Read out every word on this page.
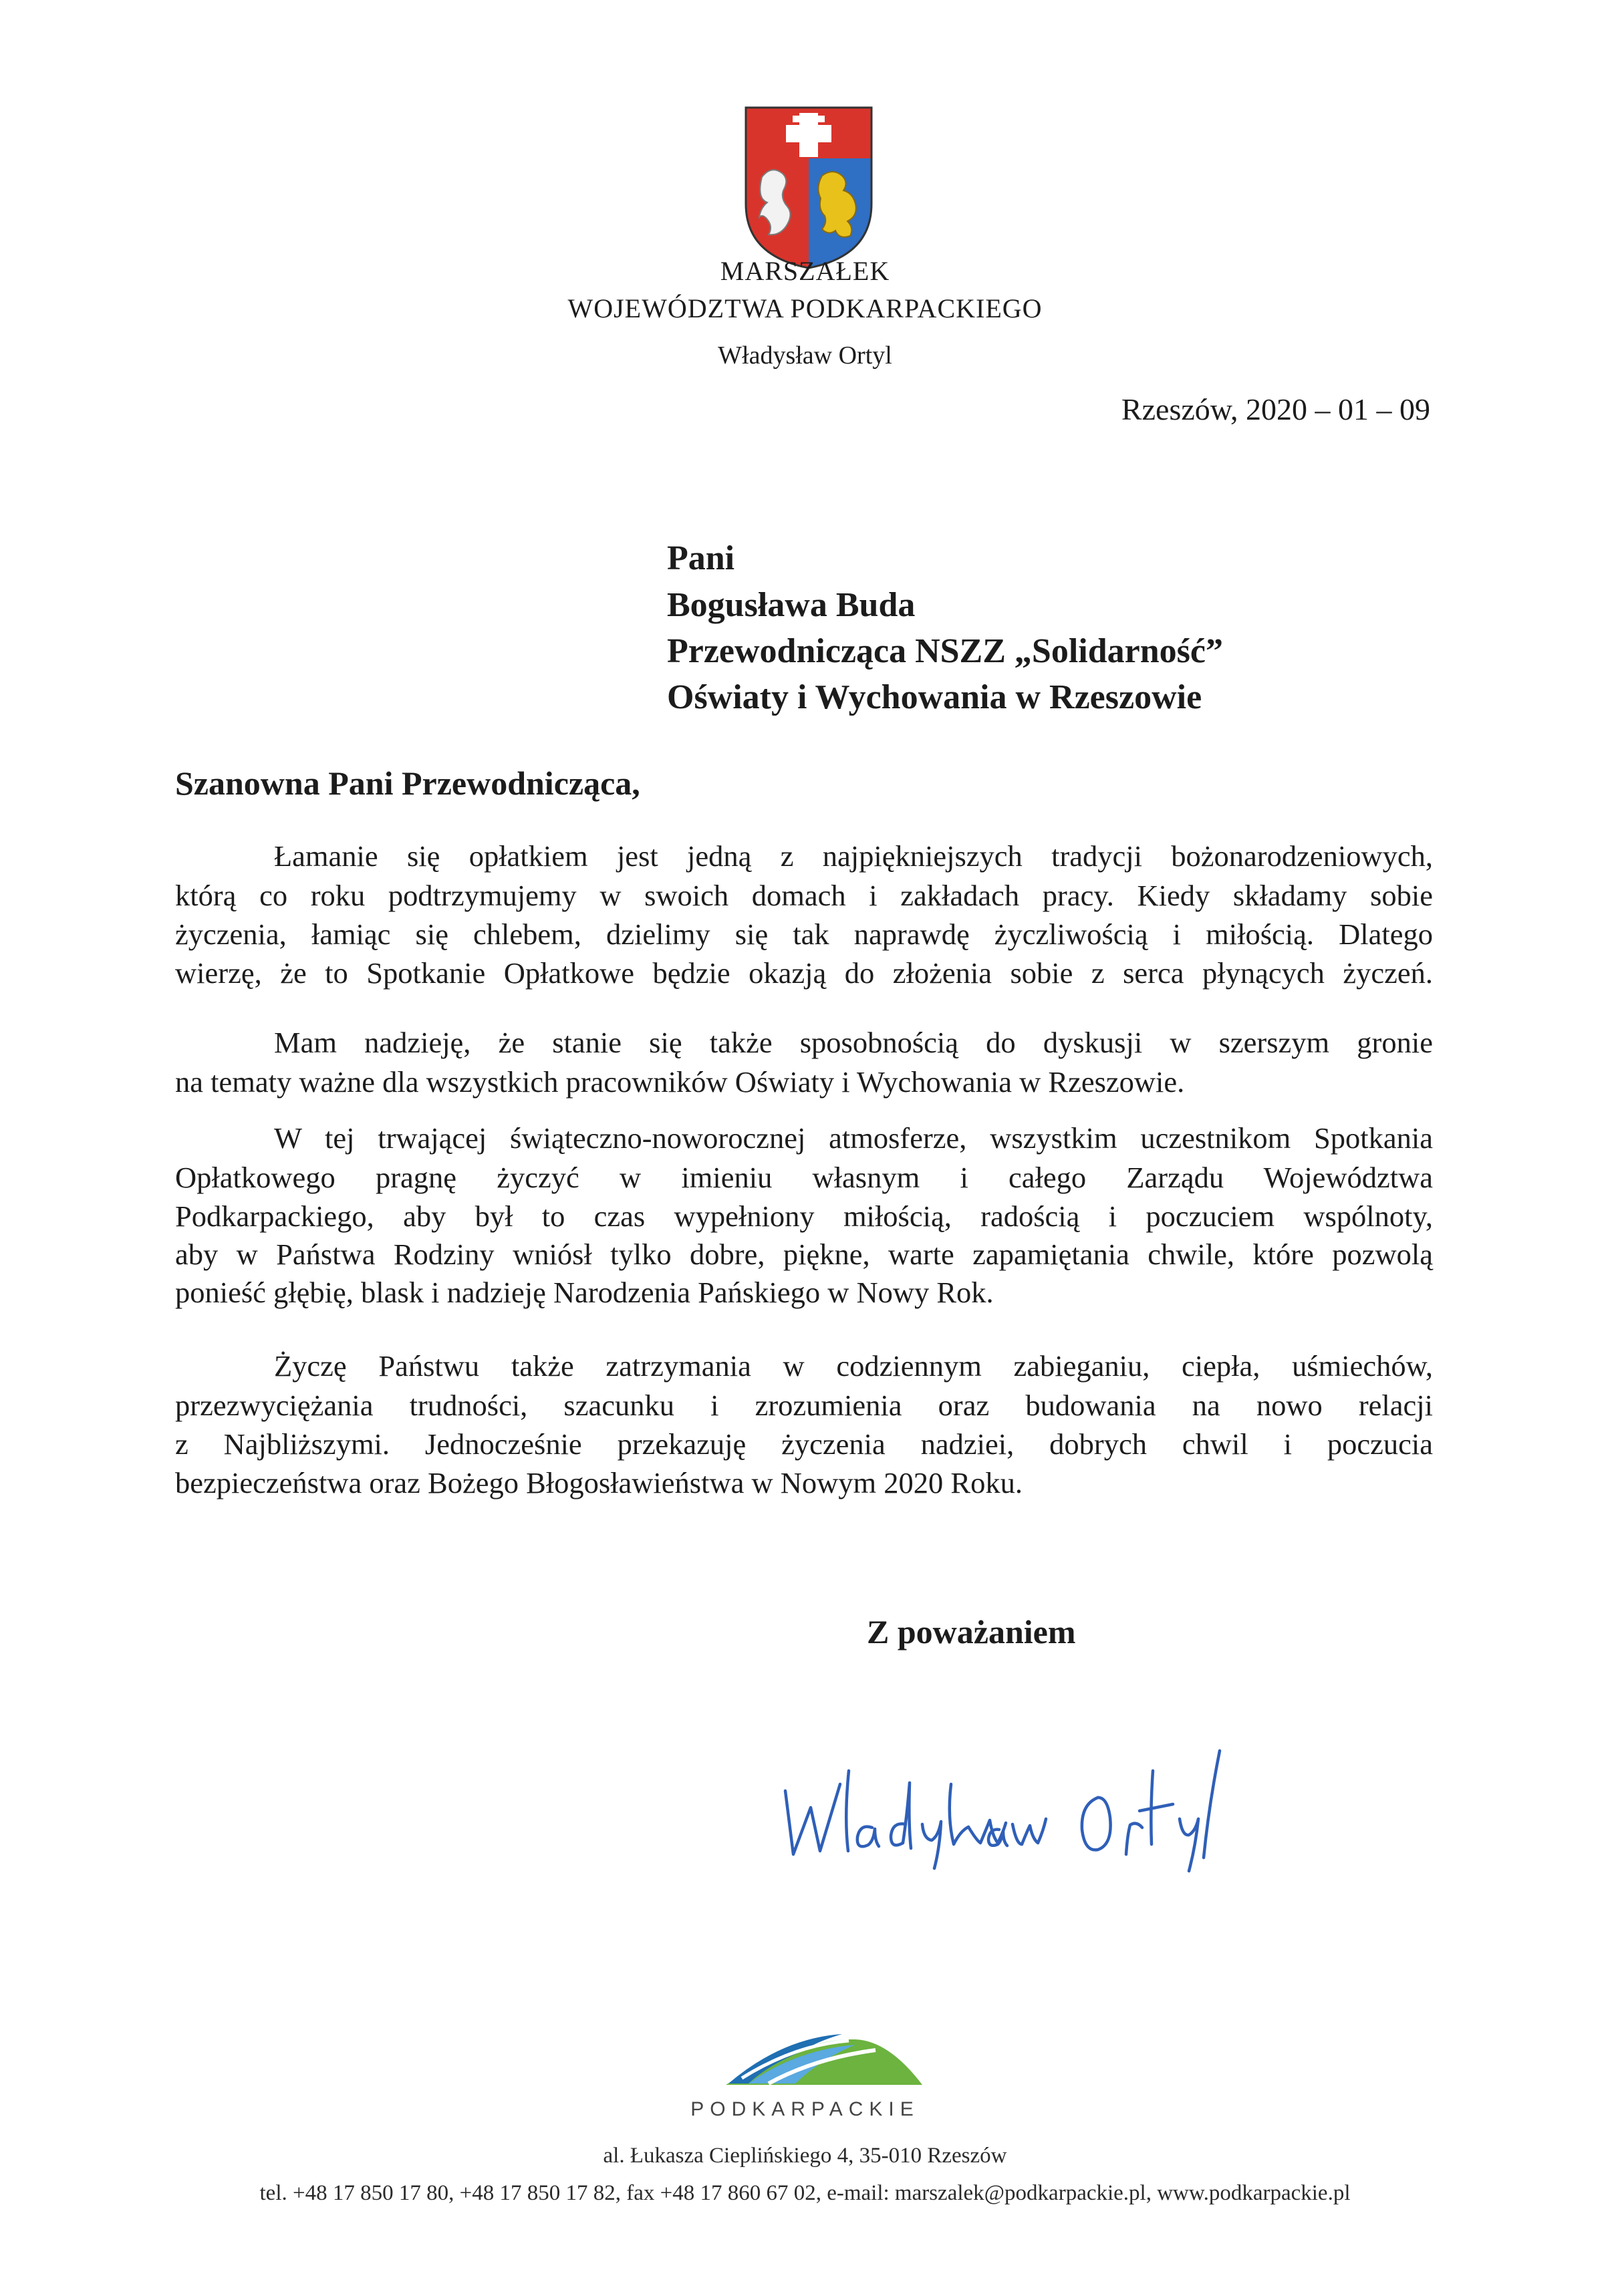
MARSZAŁEK
WOJEWÓDZTWA PODKARPACKIEGO
Władysław Ortyl
Rzeszów, 2020 – 01 – 09
Pani
Bogusława Buda
Przewodnicząca NSZZ „Solidarność”
Oświaty i Wychowania w Rzeszowie
Szanowna Pani Przewodnicząca,
Łamanie się opłatkiem jest jedną z najpiękniejszych tradycji bożonarodzeniowych,
którą co roku podtrzymujemy w swoich domach i zakładach pracy. Kiedy składamy sobie
życzenia, łamiąc się chlebem, dzielimy się tak naprawdę życzliwością i miłością. Dlatego
wierzę, że to Spotkanie Opłatkowe będzie okazją do złożenia sobie z serca płynących życzeń.
Mam nadzieję, że stanie się także sposobnością do dyskusji w szerszym gronie
na tematy ważne dla wszystkich pracowników Oświaty i Wychowania w Rzeszowie.
W tej trwającej świąteczno-noworocznej atmosferze, wszystkim uczestnikom Spotkania
Opłatkowego pragnę życzyć w imieniu własnym i całego Zarządu Województwa
Podkarpackiego, aby był to czas wypełniony miłością, radością i poczuciem wspólnoty,
aby w Państwa Rodziny wniósł tylko dobre, piękne, warte zapamiętania chwile, które pozwolą
ponieść głębię, blask i nadzieję Narodzenia Pańskiego w Nowy Rok.
Życzę Państwu także zatrzymania w codziennym zabieganiu, ciepła, uśmiechów,
przezwyciężania trudności, szacunku i zrozumienia oraz budowania na nowo relacji
z Najbliższymi. Jednocześnie przekazuję życzenia nadziei, dobrych chwil i poczucia
bezpieczeństwa oraz Bożego Błogosławieństwa w Nowym 2020 Roku.
Z poważaniem
PODKARPACKIE
al. Łukasza Cieplińskiego 4, 35-010 Rzeszów
tel. +48 17 850 17 80, +48 17 850 17 82, fax +48 17 860 67 02, e-mail: marszalek@podkarpackie.pl, www.podkarpackie.pl
